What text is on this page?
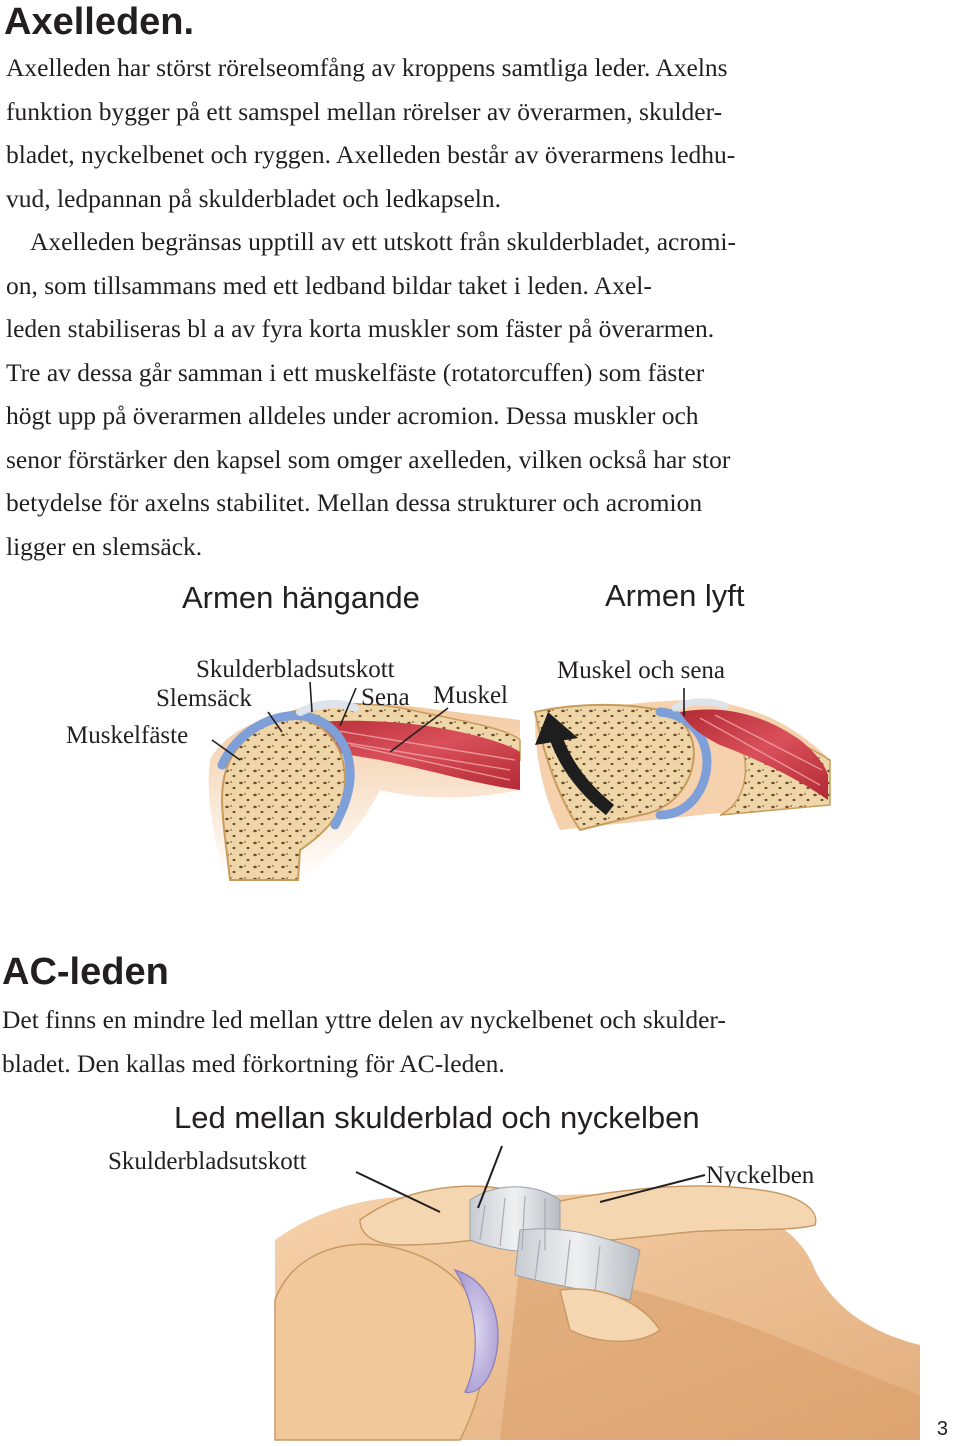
Axelleden.
Axelleden har störst rörelseomfång av kroppens samtliga leder. Axelns
funktion bygger på ett samspel mellan rörelser av överarmen, skulder-
bladet, nyckelbenet och ryggen. Axelleden består av överarmens ledhu-
vud, ledpannan på skulderbladet och ledkapseln.
Axelleden begränsas upptill av ett utskott från skulderbladet, acromi-
on, som tillsammans med ett ledband bildar taket i leden. Axel-
leden stabiliseras bl a av fyra korta muskler som fäster på överarmen.
Tre av dessa går samman i ett muskelfäste (rotatorcuffen) som fäster
högt upp på överarmen alldeles under acromion. Dessa muskler och
senor förstärker den kapsel som omger axelleden, vilken också har stor
betydelse för axelns stabilitet. Mellan dessa strukturer och acromion
ligger en slemsäck.
Armen hängande	Armen lyft
Skulderbladsutskott
Slemsäck	Sena Muskel
Muskelfäste
Muskel och sena
AC-leden
Det finns en mindre led mellan yttre delen av nyckelbenet och skulder-
bladet. Den kallas med förkortning för AC-leden.
Led mellan skulderblad och nyckelben
Skulderbladsutskott
Nyckelben
3
